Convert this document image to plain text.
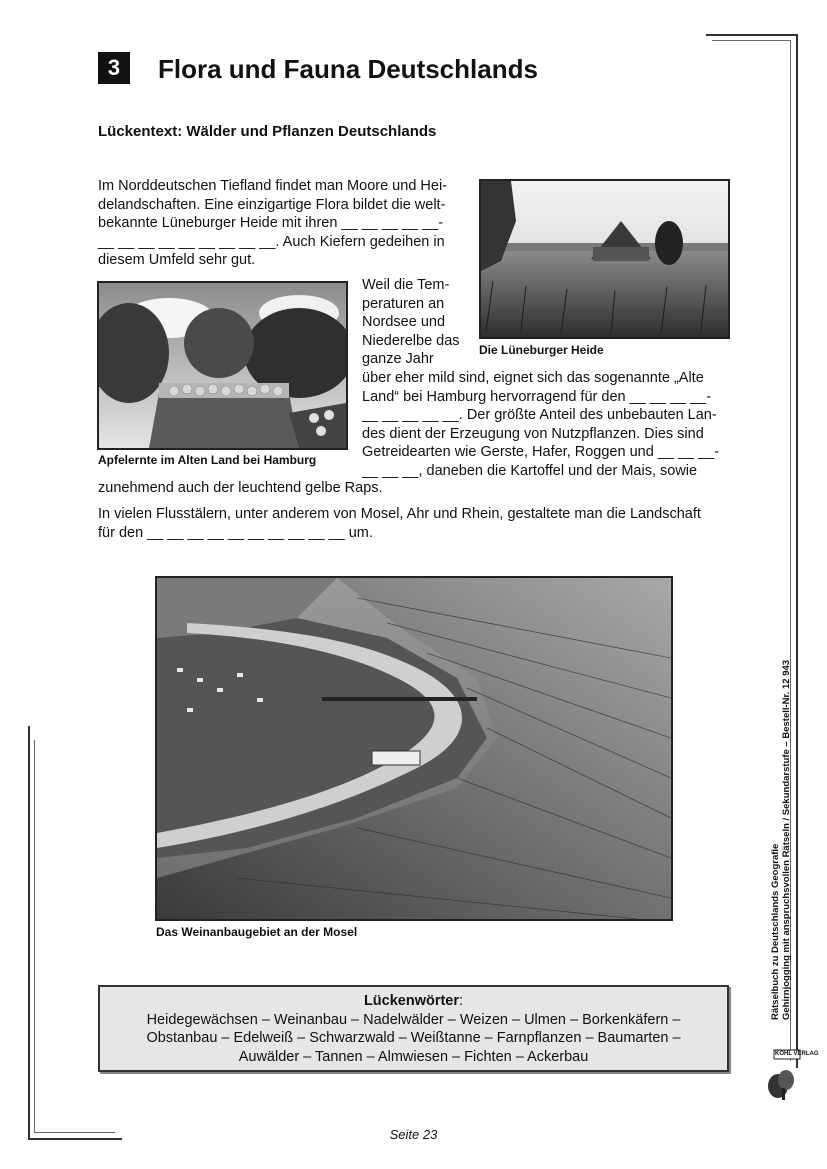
3	Flora und Fauna Deutschlands
Lückentext: Wälder und Pflanzen Deutschlands
Im Norddeutschen Tiefland findet man Moore und Hei-
delandschaften. Eine einzigartige Flora bildet die welt-
bekannte Lüneburger Heide mit ihren __ __ __ __ __-
__ __ __ __ __ __ __ __ __. Auch Kiefern gedeihen in
diesem Umfeld sehr gut.
Die Lüneburger Heide
Apfelernte im Alten Land bei Hamburg
Weil die Tem-
peraturen an
Nordsee und
Niederelbe das
ganze Jahr
über eher mild sind, eignet sich das sogenannte „Alte
Land“ bei Hamburg hervorragend für den __ __ __ __-
__ __ __ __ __. Der größte Anteil des unbebauten Lan-
des dient der Erzeugung von Nutzpflanzen. Dies sind
Getreidearten wie Gerste, Hafer, Roggen und __ __ __-
__ __ __, daneben die Kartoffel und der Mais, sowie
zunehmend auch der leuchtend gelbe Raps.
In vielen Flusstälern, unter anderem von Mosel, Ahr und Rhein, gestaltete man die Landschaft
für den __ __ __ __ __ __ __ __ __ __ um.
Das Weinanbaugebiet an der Mosel
Lückenwörter:
Heidegewächsen – Weinanbau – Nadelwälder – Weizen – Ulmen – Borkenkäfern –
Obstanbau – Edelweiß – Schwarzwald – Weißtanne – Farnpflanzen – Baumarten –
Auwälder – Tannen – Almwiesen – Fichten – Ackerbau
Rätselbuch zu Deutschlands Geografie Gehirnjogging mit anspruchsvollen Rätseln / Sekundarstufe – Bestell-Nr. 12 943
KOHL VERLAG
Seite 23
